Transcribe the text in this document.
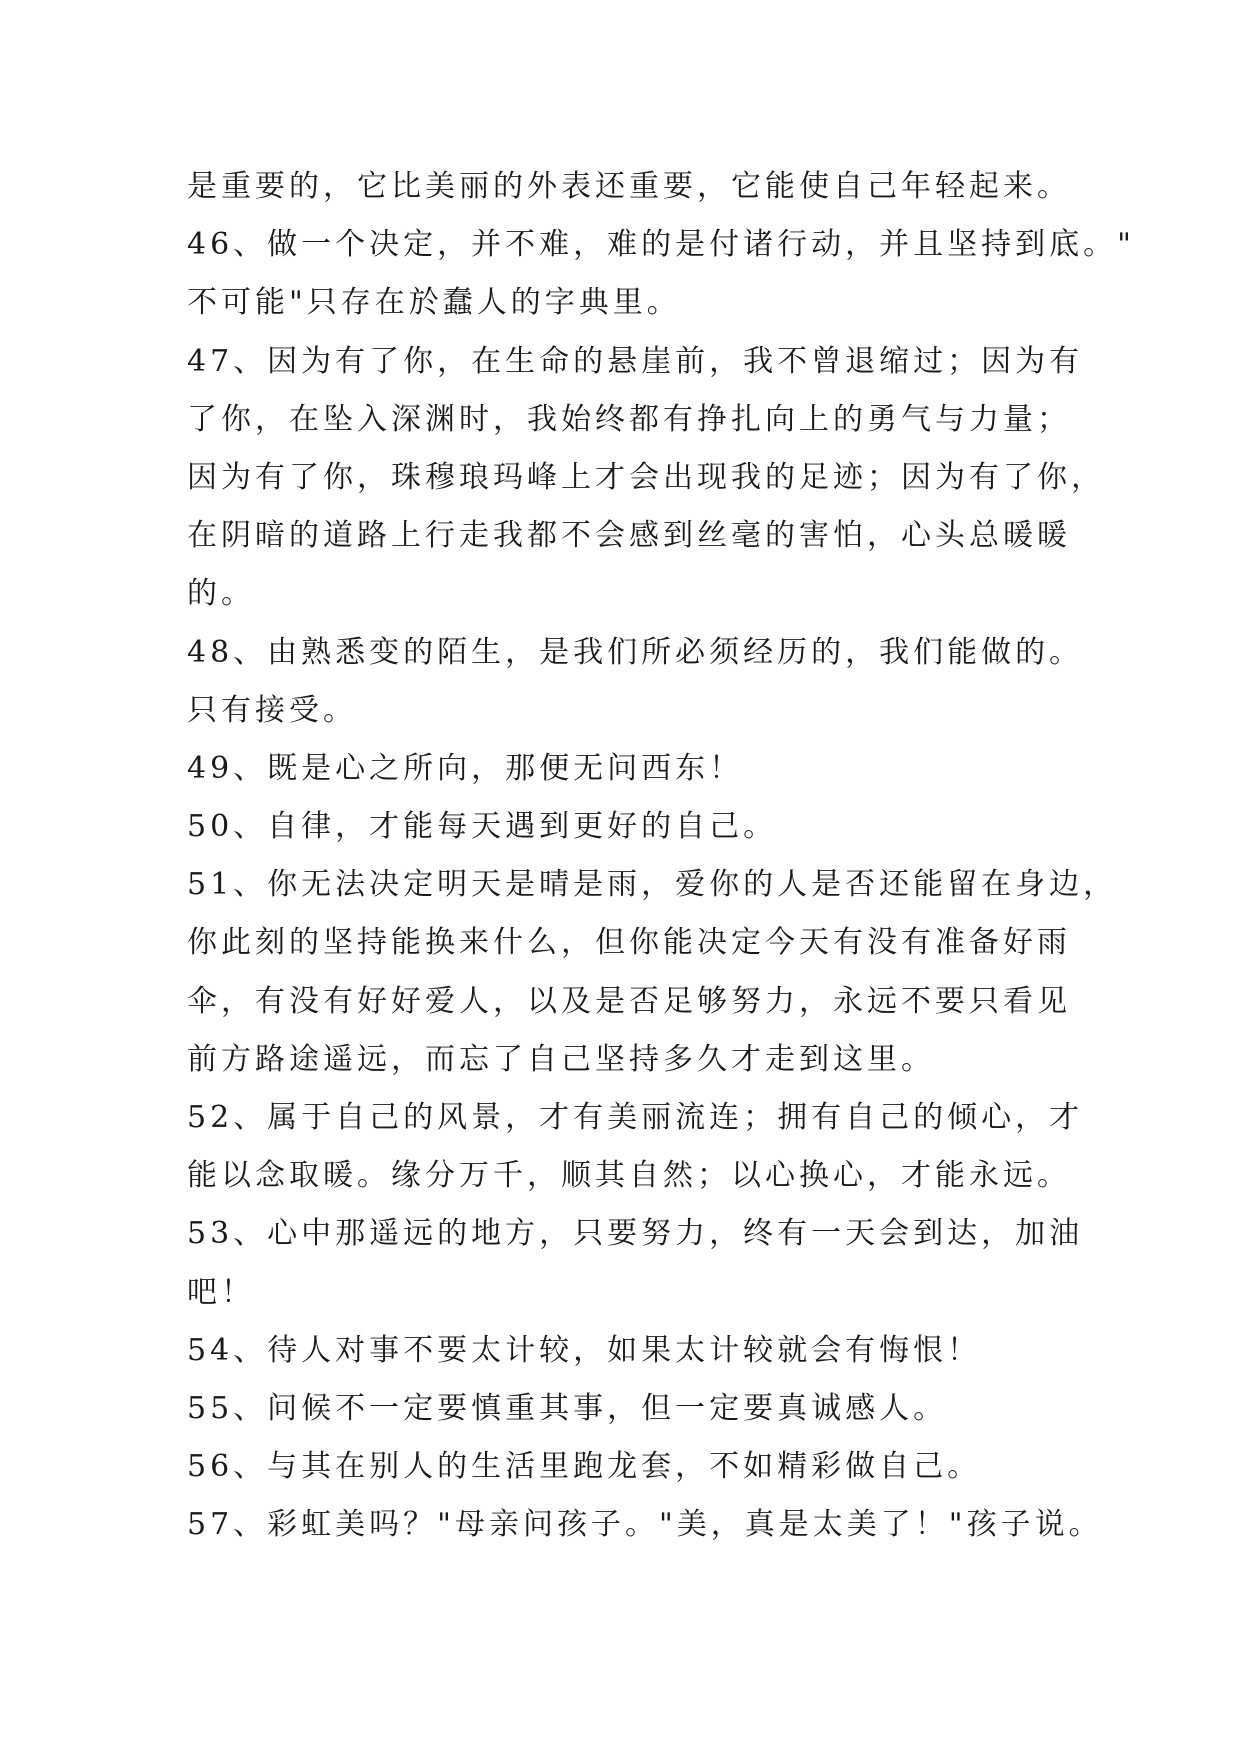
是重要的，它比美丽的外表还重要，它能使自己年轻起来。
46、做一个决定，并不难，难的是付诸行动，并且坚持到底。"
不可能"只存在於蠢人的字典里。
47、因为有了你，在生命的悬崖前，我不曾退缩过；因为有
了你，在坠入深渊时，我始终都有挣扎向上的勇气与力量；
因为有了你，珠穆琅玛峰上才会出现我的足迹；因为有了你，
在阴暗的道路上行走我都不会感到丝毫的害怕，心头总暖暖
的。
48、由熟悉变的陌生，是我们所必须经历的，我们能做的。
只有接受。
49、既是心之所向，那便无问西东！
50、自律，才能每天遇到更好的自己。
51、你无法决定明天是晴是雨，爱你的人是否还能留在身边，
你此刻的坚持能换来什么，但你能决定今天有没有准备好雨
伞，有没有好好爱人，以及是否足够努力，永远不要只看见
前方路途遥远，而忘了自己坚持多久才走到这里。
52、属于自己的风景，才有美丽流连；拥有自己的倾心，才
能以念取暖。缘分万千，顺其自然；以心换心，才能永远。
53、心中那遥远的地方，只要努力，终有一天会到达，加油
吧！
54、待人对事不要太计较，如果太计较就会有悔恨！
55、问候不一定要慎重其事，但一定要真诚感人。
56、与其在别人的生活里跑龙套，不如精彩做自己。
57、彩虹美吗？"母亲问孩子。"美，真是太美了！"孩子说。
